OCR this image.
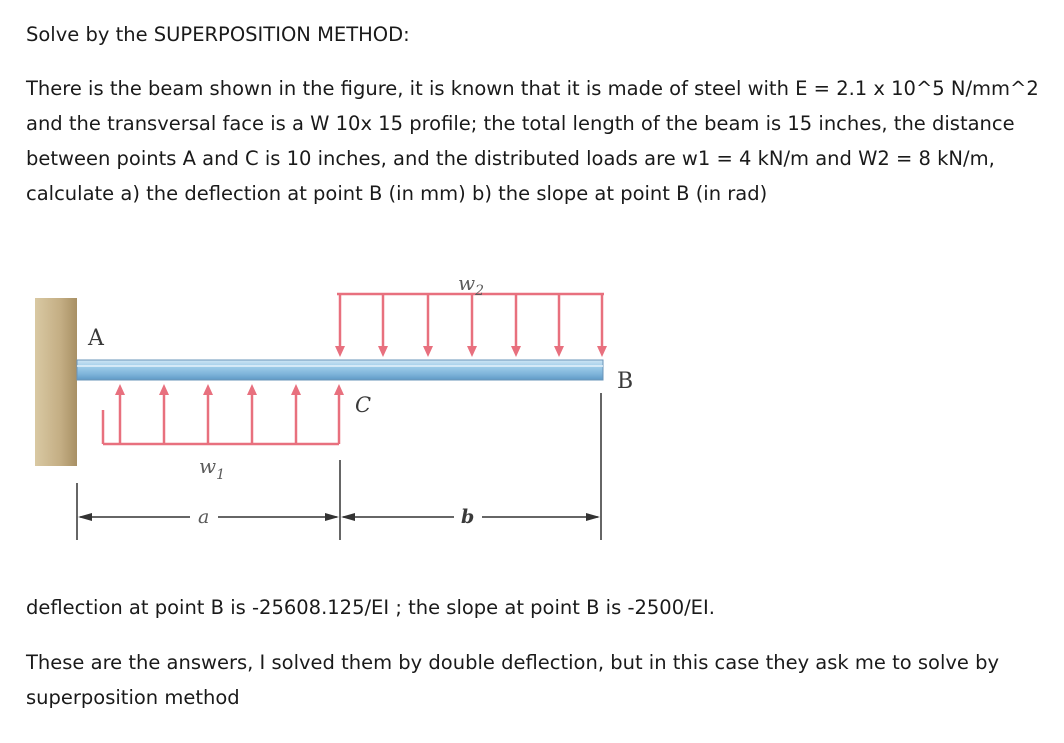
Solve by the SUPERPOSITION METHOD:

There is the beam shown in the figure, it is known that it is made of steel with E = 2.1 x 10^5 N/mm^2 and the transversal face is a W 10x 15 profile; the total length of the beam is 15 inches, the distance between points A and C is 10 inches, and the distributed loads are w1 = 4 kN/m and W2 = 8 kN/m, calculate a) the deflection at point B (in mm) b) the slope at point B (in rad)

A
B
C
$w_2$
$w_1$
a	b

deflection at point B is -25608.125/EI ; the slope at point B is -2500/EI.

These are the answers, I solved them by double deflection, but in this case they ask me to solve by superposition method
